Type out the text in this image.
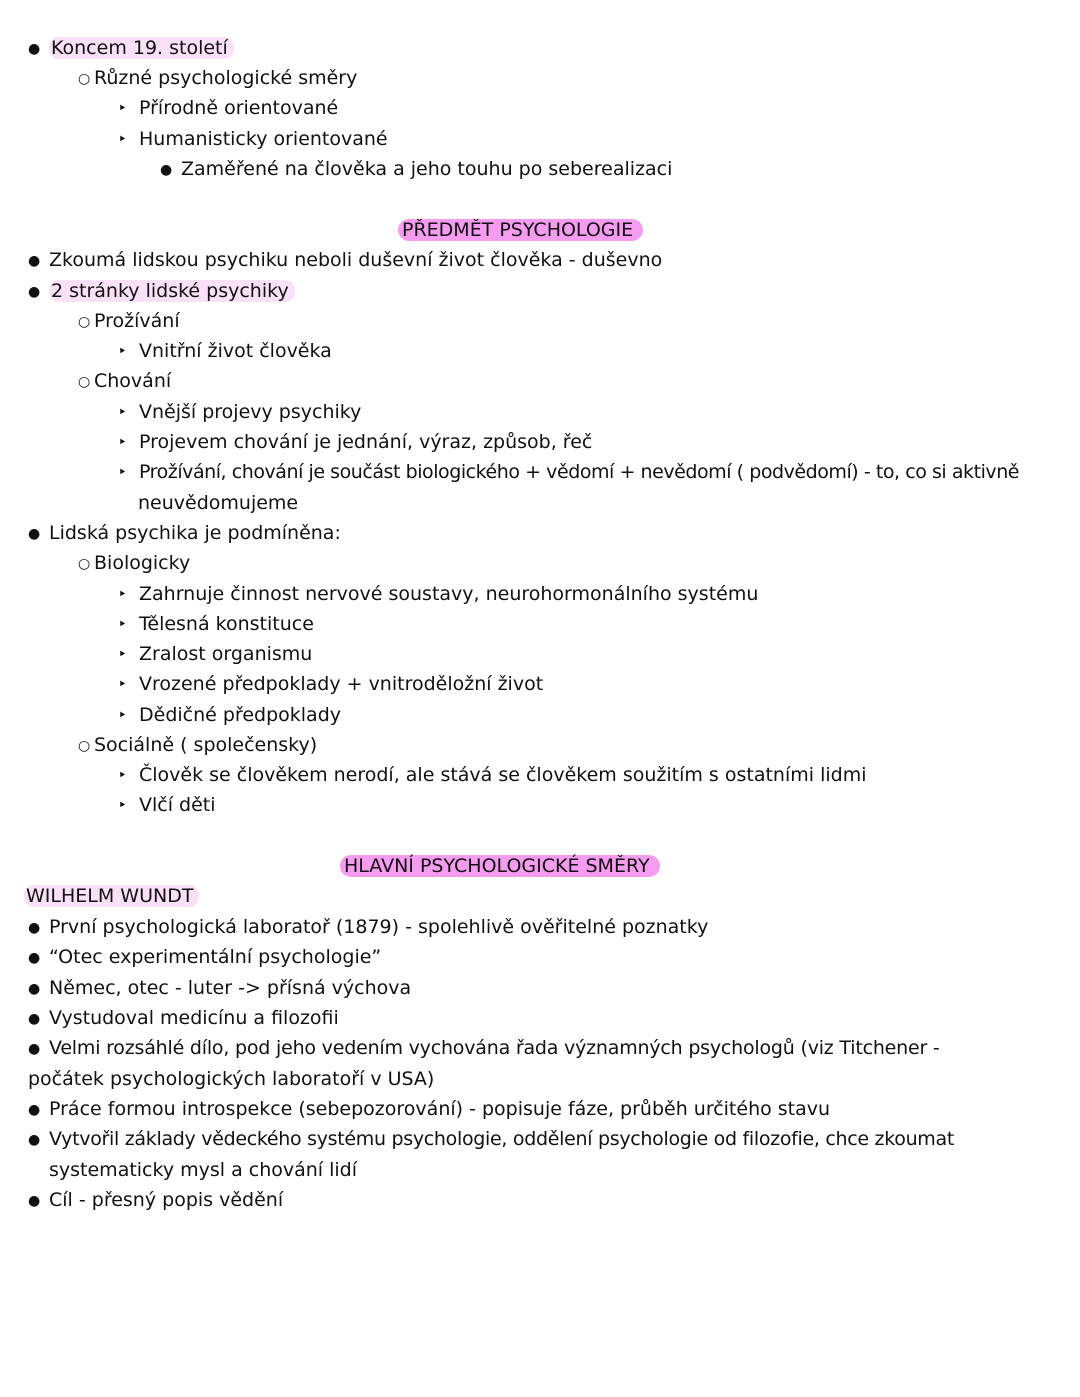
●Koncem 19. století
○Různé psychologické směry
‣Přírodně orientované
‣Humanisticky orientované
●Zaměřené na člověka a jeho touhu po seberealizaci
PŘEDMĚT PSYCHOLOGIE
●Zkoumá lidskou psychiku neboli duševní život člověka - duševno
●2 stránky lidské psychiky
○Prožívání
‣Vnitřní život člověka
○Chování
‣Vnější projevy psychiky
‣Projevem chování je jednání, výraz, způsob, řeč
‣Prožívání, chování je součást biologického + vědomí + nevědomí ( podvědomí) - to, co si aktivně
neuvědomujeme
●Lidská psychika je podmíněna:
○Biologicky
‣Zahrnuje činnost nervové soustavy, neurohormonálního systému
‣Tělesná konstituce
‣Zralost organismu
‣Vrozené předpoklady + vnitroděložní život
‣Dědičné předpoklady
○Sociálně ( společensky)
‣Člověk se člověkem nerodí, ale stává se člověkem soužitím s ostatními lidmi
‣Vlčí děti
HLAVNÍ PSYCHOLOGICKÉ SMĚRY
WILHELM WUNDT
●První psychologická laboratoř (1879) - spolehlivě ověřitelné poznatky
●“Otec experimentální psychologie”
●Němec, otec - luter -> přísná výchova
●Vystudoval medicínu a filozofii
●Velmi rozsáhlé dílo, pod jeho vedením vychována řada významných psychologů (viz Titchener -
počátek psychologických laboratoří v USA)
●Práce formou introspekce (sebepozorování) - popisuje fáze, průběh určitého stavu
●Vytvořil základy vědeckého systému psychologie, oddělení psychologie od filozofie, chce zkoumat
systematicky mysl a chování lidí
●Cíl - přesný popis vědění
